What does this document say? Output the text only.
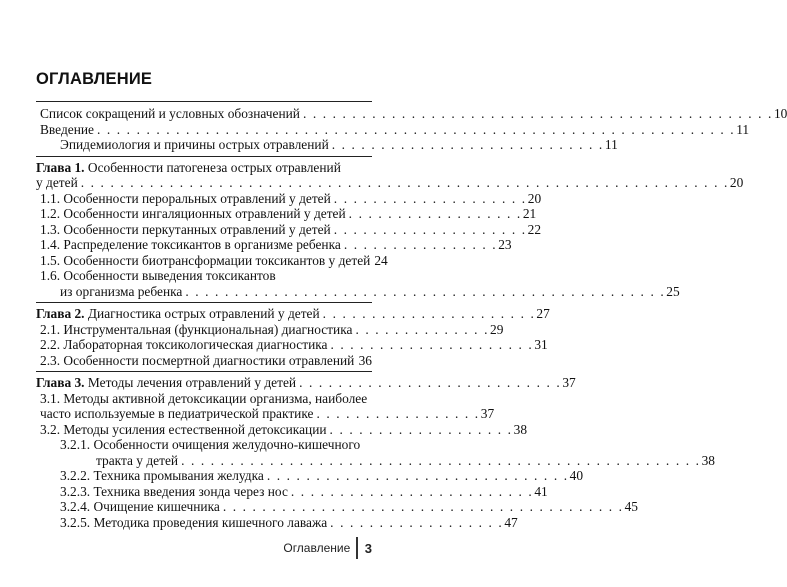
ОГЛАВЛЕНИЕ
Список сокращений и условных обозначений . . . . . . . . . . . . . . . . . . . . . . . . . . . . . . . . . . . . . . . . . . . . . . . . 10
Введение . . . . . . . . . . . . . . . . . . . . . . . . . . . . . . . . . . . . . . . . . . . . . . . . . . . . . . . . . . . . . . . . . 11
Эпидемиология и причины острых отравлений . . . . . . . . . . . . . . . . . . . . . . . . . . . . 11
Глава 1.
Особенности патогенеза острых отравлений
у детей . . . . . . . . . . . . . . . . . . . . . . . . . . . . . . . . . . . . . . . . . . . . . . . . . . . . . . . . . . . . . . . . . . 20
1.1. Особенности пероральных отравлений у детей . . . . . . . . . . . . . . . . . . . . 20
1.2. Особенности ингаляционных отравлений у детей . . . . . . . . . . . . . . . . . . 21
1.3. Особенности перкутанных отравлений у детей . . . . . . . . . . . . . . . . . . . . 22
1.4. Распределение токсикантов в организме ребенка . . . . . . . . . . . . . . . . 23
1.5. Особенности биотрансформации токсикантов у детей 24
1.6. Особенности выведения токсикантов
из организма ребенка . . . . . . . . . . . . . . . . . . . . . . . . . . . . . . . . . . . . . . . . . . . . . . . . . 25
Глава 2.
Диагностика острых отравлений у детей . . . . . . . . . . . . . . . . . . . . . . 27
2.1. Инструментальная (функциональная) диагностика . . . . . . . . . . . . . . 29
2.2. Лабораторная токсикологическая диагностика . . . . . . . . . . . . . . . . . . . . . 31
2.3. Особенности посмертной диагностики отравлений 36
Глава 3.
Методы лечения отравлений у детей . . . . . . . . . . . . . . . . . . . . . . . . . . . 37
3.1. Методы активной детоксикации организма, наиболее
часто используемые в педиатрической практике . . . . . . . . . . . . . . . . . 37
3.2. Методы усиления естественной детоксикации . . . . . . . . . . . . . . . . . . . 38
3.2.1. Особенности очищения желудочно-кишечного
тракта у детей . . . . . . . . . . . . . . . . . . . . . . . . . . . . . . . . . . . . . . . . . . . . . . . . . . . . . 38
3.2.2. Техника промывания желудка . . . . . . . . . . . . . . . . . . . . . . . . . . . . . . . 40
3.2.3. Техника введения зонда через нос . . . . . . . . . . . . . . . . . . . . . . . . . 41
3.2.4. Очищение кишечника . . . . . . . . . . . . . . . . . . . . . . . . . . . . . . . . . . . . . . . . . 45
3.2.5. Методика проведения кишечного лаважа . . . . . . . . . . . . . . . . . . 47
Оглавление 3
